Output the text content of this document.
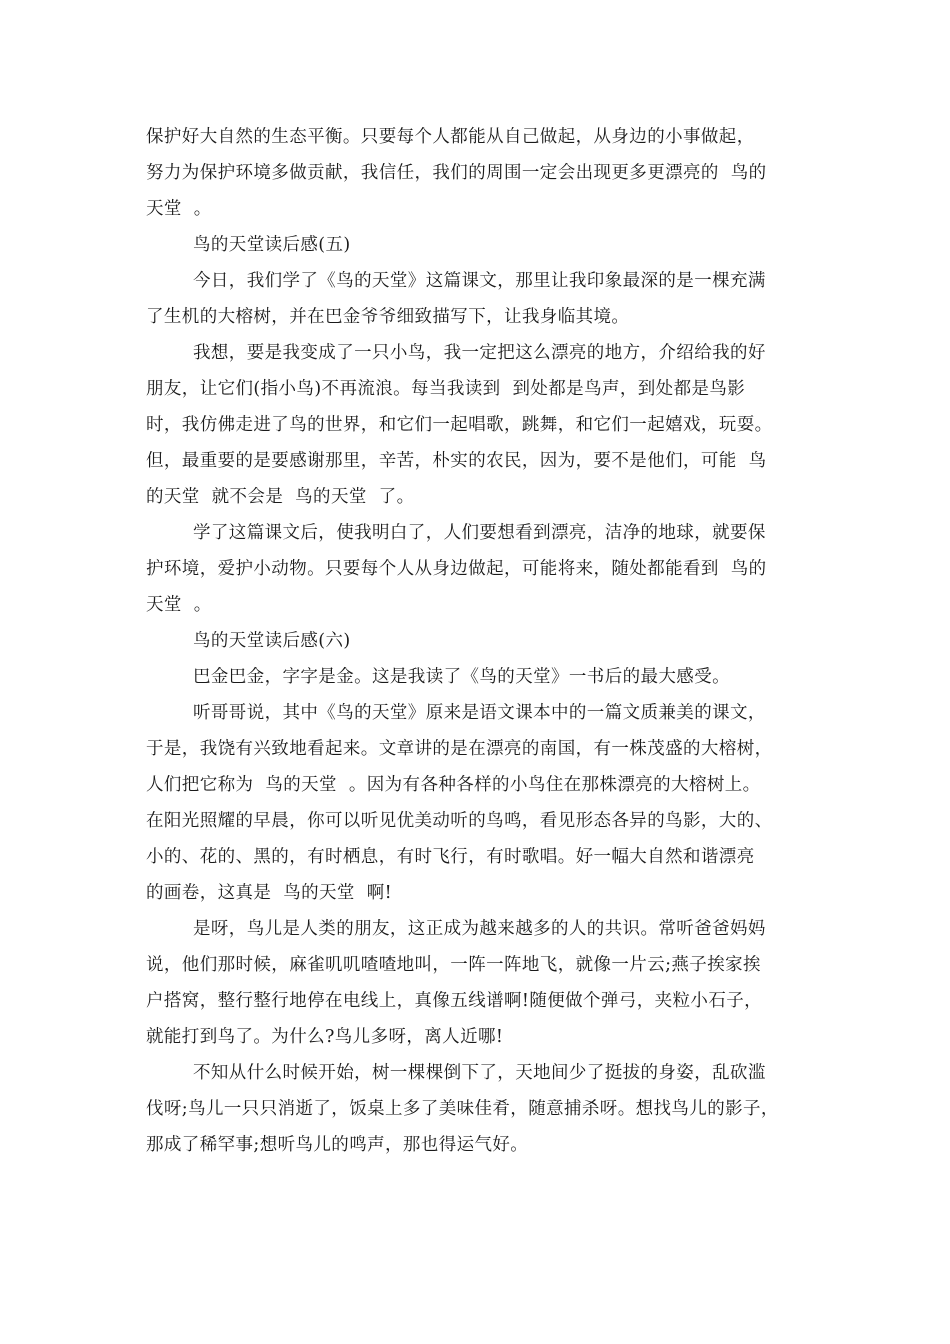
保护好大自然的生态平衡。只要每个人都能从自己做起，从身边的小事做起，
努力为保护环境多做贡献，我信任，我们的周围一定会出现更多更漂亮的  鸟的
天堂  。
鸟的天堂读后感(五)
今日，我们学了《鸟的天堂》这篇课文，那里让我印象最深的是一棵充满
了生机的大榕树，并在巴金爷爷细致描写下，让我身临其境。
我想，要是我变成了一只小鸟，我一定把这么漂亮的地方，介绍给我的好
朋友，让它们(指小鸟)不再流浪。每当我读到  到处都是鸟声，到处都是鸟影
时，我仿佛走进了鸟的世界，和它们一起唱歌，跳舞，和它们一起嬉戏，玩耍。
但，最重要的是要感谢那里，辛苦，朴实的农民，因为，要不是他们，可能  鸟
的天堂  就不会是  鸟的天堂  了。
学了这篇课文后，使我明白了，人们要想看到漂亮，洁净的地球，就要保
护环境，爱护小动物。只要每个人从身边做起，可能将来，随处都能看到  鸟的
天堂  。
鸟的天堂读后感(六)
巴金巴金，字字是金。这是我读了《鸟的天堂》一书后的最大感受。
听哥哥说，其中《鸟的天堂》原来是语文课本中的一篇文质兼美的课文，
于是，我饶有兴致地看起来。文章讲的是在漂亮的南国，有一株茂盛的大榕树，
人们把它称为  鸟的天堂  。因为有各种各样的小鸟住在那株漂亮的大榕树上。
在阳光照耀的早晨，你可以听见优美动听的鸟鸣，看见形态各异的鸟影，大的、
小的、花的、黑的，有时栖息，有时飞行，有时歌唱。好一幅大自然和谐漂亮
的画卷，这真是  鸟的天堂  啊!
是呀，鸟儿是人类的朋友，这正成为越来越多的人的共识。常听爸爸妈妈
说，他们那时候，麻雀叽叽喳喳地叫，一阵一阵地飞，就像一片云;燕子挨家挨
户搭窝，整行整行地停在电线上，真像五线谱啊!随便做个弹弓，夹粒小石子，
就能打到鸟了。为什么?鸟儿多呀，离人近哪!
不知从什么时候开始，树一棵棵倒下了，天地间少了挺拔的身姿，乱砍滥
伐呀;鸟儿一只只消逝了，饭桌上多了美味佳肴，随意捕杀呀。想找鸟儿的影子，
那成了稀罕事;想听鸟儿的鸣声，那也得运气好。
